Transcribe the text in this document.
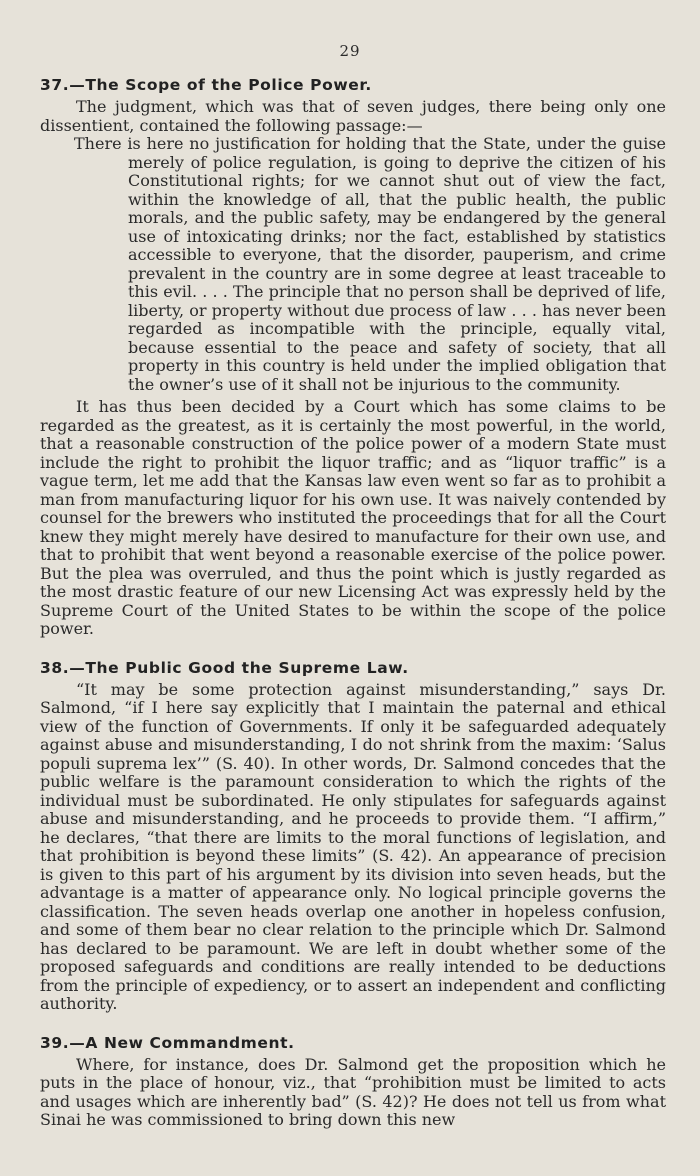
29
37.—The Scope of the Police Power.

The judgment, which was that of seven judges, there being only one dissentient, contained the following passage:—

There is here no justification for holding that the State, under the guise merely of police regulation, is going to deprive the citizen of his Constitutional rights; for we cannot shut out of view the fact, within the knowledge of all, that the public health, the public morals, and the public safety, may be endangered by the general use of intoxicating drinks; nor the fact, established by statistics accessible to everyone, that the disorder, pauperism, and crime prevalent in the country are in some degree at least traceable to this evil. . . . The principle that no person shall be deprived of life, liberty, or property without due process of law . . . has never been regarded as incompatible with the principle, equally vital, because essential to the peace and safety of society, that all property in this country is held under the implied obligation that the owner’s use of it shall not be injurious to the community.

It has thus been decided by a Court which has some claims to be regarded as the greatest, as it is certainly the most powerful, in the world, that a reasonable construction of the police power of a modern State must include the right to prohibit the liquor traffic; and as “liquor traffic” is a vague term, let me add that the Kansas law even went so far as to prohibit a man from manufacturing liquor for his own use. It was naively contended by counsel for the brewers who instituted the proceedings that for all the Court knew they might merely have desired to manufacture for their own use, and that to prohibit that went beyond a reasonable exercise of the police power. But the plea was overruled, and thus the point which is justly regarded as the most drastic feature of our new Licensing Act was expressly held by the Supreme Court of the United States to be within the scope of the police power.

38.—The Public Good the Supreme Law.

“It may be some protection against misunderstanding,” says Dr. Salmond, “if I here say explicitly that I maintain the paternal and ethical view of the function of Governments. If only it be safeguarded adequately against abuse and misunderstanding, I do not shrink from the maxim: ‘Salus populi suprema lex’” (S. 40). In other words, Dr. Salmond concedes that the public welfare is the paramount consideration to which the rights of the individual must be subordinated. He only stipulates for safeguards against abuse and misunderstanding, and he proceeds to provide them. “I affirm,” he declares, “that there are limits to the moral functions of legislation, and that prohibition is beyond these limits” (S. 42). An appearance of precision is given to this part of his argument by its division into seven heads, but the advantage is a matter of appearance only. No logical principle governs the classification. The seven heads overlap one another in hopeless confusion, and some of them bear no clear relation to the principle which Dr. Salmond has declared to be paramount. We are left in doubt whether some of the proposed safeguards and conditions are really intended to be deductions from the principle of expediency, or to assert an independent and conflicting authority.

39.—A New Commandment.

Where, for instance, does Dr. Salmond get the proposition which he puts in the place of honour, viz., that “prohibition must be limited to acts and usages which are inherently bad” (S. 42)? He does not tell us from what Sinai he was commissioned to bring down this new
